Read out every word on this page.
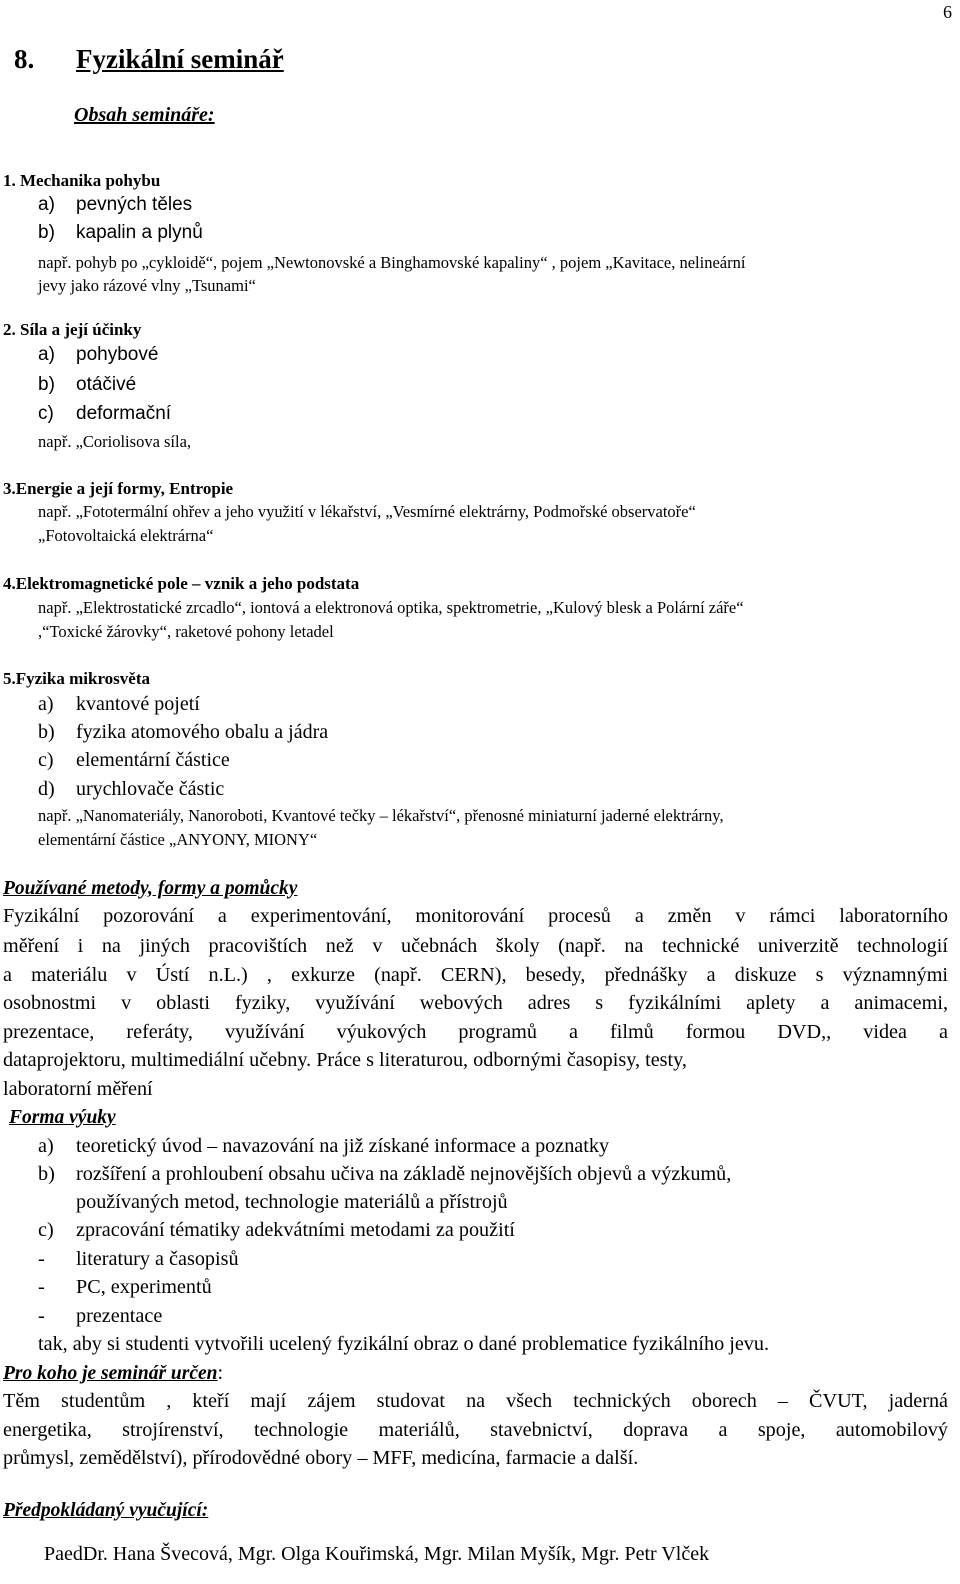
6
8. Fyzikální seminář
Obsah semináře:
1. Mechanika pohybu
a) pevných těles
b) kapalin a plynů
např. pohyb po „cykloidě“, pojem „Newtonovské a Binghamovské kapaliny“ , pojem „Kavitace, nelineární
jevy jako rázové vlny „Tsunami“
2. Síla a její účinky
a) pohybové
b) otáčivé
c) deformační
např. „Coriolisova síla,
3.Energie a její formy, Entropie
např. „Fototermální ohřev a jeho využití v lékařství, „Vesmírné elektrárny, Podmořské observatoře“
„Fotovoltaická elektrárna“
4.Elektromagnetické pole – vznik a jeho podstata
např. „Elektrostatické zrcadlo“, iontová a elektronová optika, spektrometrie, „Kulový blesk a Polární záře“
,“Toxické žárovky“, raketové pohony letadel
5.Fyzika mikrosvěta
a) kvantové pojetí
b) fyzika atomového obalu a jádra
c) elementární částice
d) urychlovače částic
např. „Nanomateriály, Nanoroboti, Kvantové tečky – lékařství“, přenosné miniaturní jaderné elektrárny,
elementární částice „ANYONY, MIONY“
Používané metody, formy a pomůcky
Fyzikální pozorování a experimentování, monitorování procesů a změn v rámci laboratorního
měření i na jiných pracovištích než v učebnách školy (např. na technické univerzitě technologií
a materiálu v Ústí n.L.) , exkurze (např. CERN), besedy, přednášky a diskuze s významnými
osobnostmi v oblasti fyziky, využívání webových adres s fyzikálními aplety a animacemi,
prezentace, referáty, využívání výukových programů a filmů formou DVD,, videa a
dataprojektoru, multimediální učebny. Práce s literaturou, odbornými časopisy, testy,
laboratorní měření
Forma výuky
a) teoretický úvod – navazování na již získané informace a poznatky
b) rozšíření a prohloubení obsahu učiva na základě nejnovějších objevů a výzkumů,
používaných metod, technologie materiálů a přístrojů
c) zpracování tématiky adekvátními metodami za použití
- literatury a časopisů
- PC, experimentů
- prezentace
tak, aby si studenti vytvořili ucelený fyzikální obraz o dané problematice fyzikálního jevu.
Pro koho je seminář určen:
Těm studentům , kteří mají zájem studovat na všech technických oborech – ČVUT, jaderná
energetika, strojírenství, technologie materiálů, stavebnictví, doprava a spoje, automobilový
průmysl, zemědělství), přírodovědné obory – MFF, medicína, farmacie a další.
Předpokládaný vyučující:
PaedDr. Hana Švecová, Mgr. Olga Kouřimská, Mgr. Milan Myšík, Mgr. Petr Vlček
